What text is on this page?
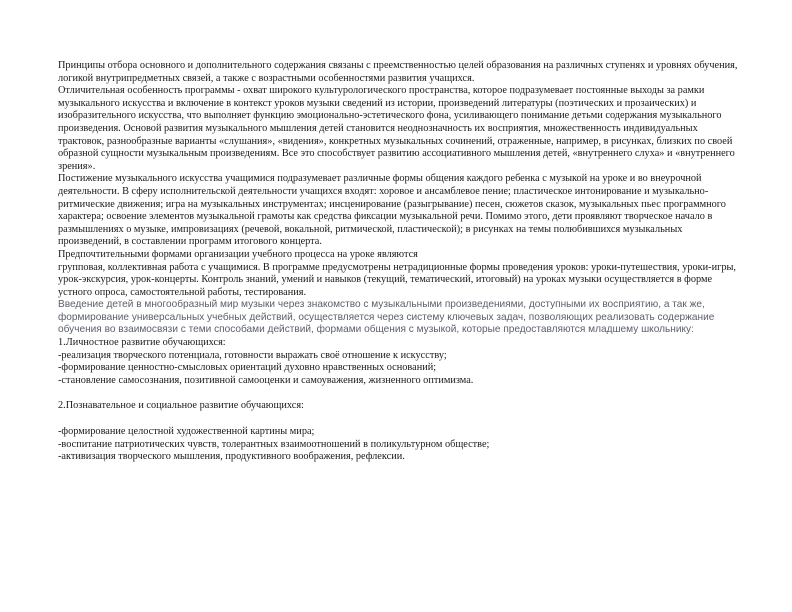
Принципы отбора основного и дополнительного содержания связаны с преемственностью целей образования на различных ступенях и уровнях обучения, логикой внутрипредметных связей, а также с возрастными особенностями развития учащихся.

Отличительная особенность программы - охват широкого культурологического пространства, которое подразумевает постоянные выходы за рамки музыкального искусства и включение в контекст уроков музыки сведений из истории, произведений литературы (поэтических и прозаических) и изобразительного искусства, что выполняет функцию эмоционально-эстетического фона, усиливающего понимание детьми содержания музыкального произведения. Основой развития музыкального мышления детей становится неоднозначность их восприятия, множественность индивидуальных трактовок, разнообразные варианты «слушания», «видения», конкретных музыкальных сочинений, отраженные, например, в рисунках, близких по своей образной сущности музыкальным произведениям. Все это способствует развитию ассоциативного мышления детей, «внутреннего слуха» и «внутреннего зрения».

Постижение музыкального искусства учащимися подразумевает различные формы общения каждого ребенка с музыкой на уроке и во внеурочной деятельности. В сферу исполнительской деятельности учащихся входят: хоровое и ансамблевое пение; пластическое интонирование и музыкально-ритмические движения; игра на музыкальных инструментах; инсценирование (разыгрывание) песен, сюжетов сказок, музыкальных пьес программного характера; освоение элементов музыкальной грамоты как средства фиксации музыкальной речи. Помимо этого, дети проявляют творческое начало в размышлениях о музыке, импровизациях (речевой, вокальной, ритмической, пластической); в рисунках на темы полюбившихся музыкальных произведений, в составлении программ итогового концерта.

Предпочтительными формами организации учебного процесса на уроке являются

групповая, коллективная работа с учащимися. В программе предусмотрены нетрадиционные формы проведения уроков: уроки-путешествия, уроки-игры, урок-экскурсия, урок-концерты. Контроль знаний, умений и навыков (текущий, тематический, итоговый) на уроках музыки осуществляется в форме устного опроса, самостоятельной работы, тестирования.

Введение детей в многообразный мир музыки через знакомство с музыкальными произведениями, доступными их восприятию, а так же, формирование универсальных учебных действий, осуществляется через систему ключевых задач, позволяющих реализовать содержание обучения во взаимосвязи с теми способами действий, формами общения с музыкой, которые предоставляются младшему школьнику:

1.Личностное развитие обучающихся:

-реализация творческого потенциала, готовности выражать своё отношение к искусству;

-формирование ценностно-смысловых ориентаций духовно нравственных оснований;

-становление самосознания, позитивной самооценки и самоуважения, жизненного оптимизма.

2.Познавательное и социальное развитие обучающихся:

-формирование целостной художественной картины мира;

-воспитание патриотических чувств, толерантных взаимоотношений в поликультурном обществе;

-активизация творческого мышления, продуктивного воображения, рефлексии.
